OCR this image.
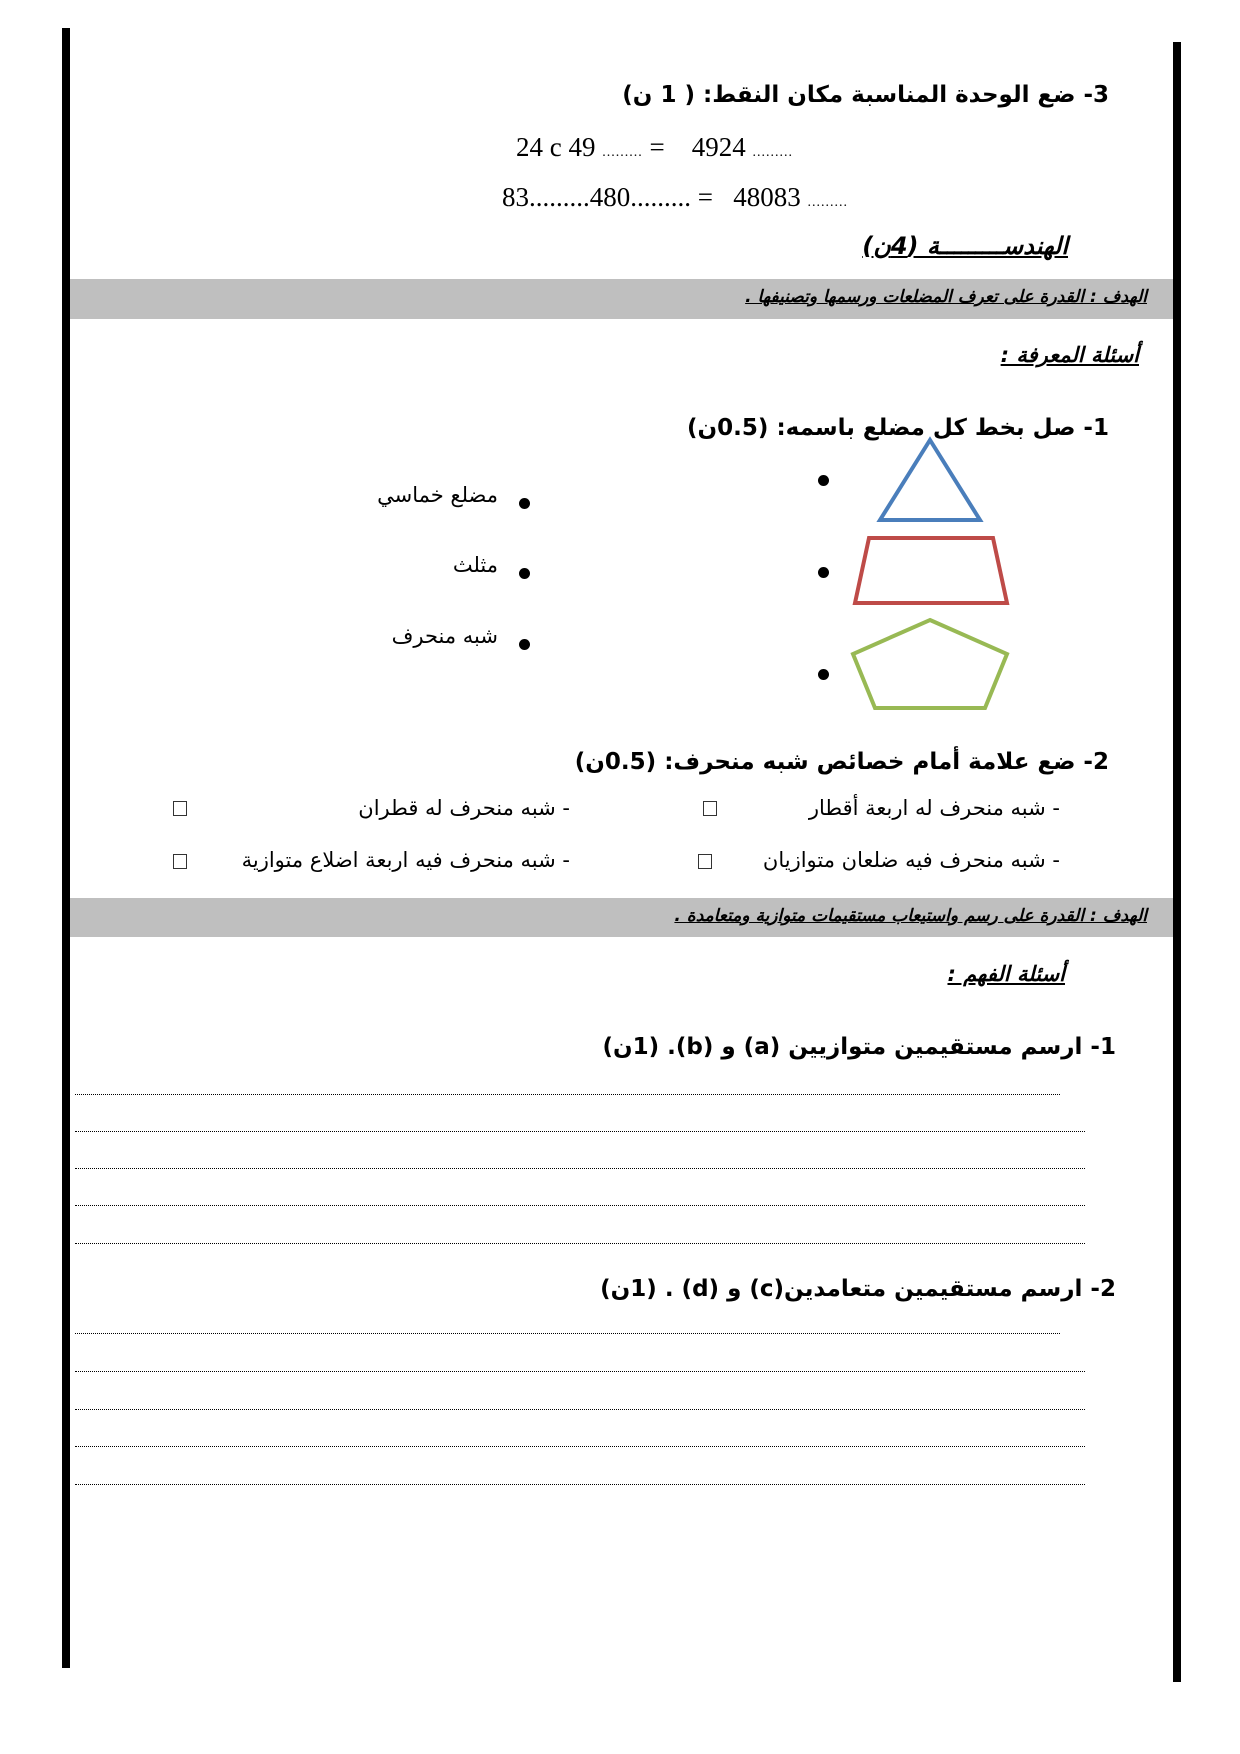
3- ضع الوحدة المناسبة مكان النقط: ( 1 ن)
24 c 49 ......... = 4924 .........
83.........480......... = 48083 .........
الهندســـــــــة (4ن)
الهدف : القدرة على تعرف المضلعات ورسمها وتصنيفها .
أسئلة المعرفة :
1- صل بخط كل مضلع باسمه: (0.5ن)
مضلع خماسي
مثلث
شبه منحرف
2- ضع علامة أمام خصائص شبه منحرف: (0.5ن)
- شبه منحرف له اربعة أقطار
- شبه منحرف له قطران
- شبه منحرف فيه ضلعان متوازيان
- شبه منحرف فيه اربعة اضلاع متوازية
الهدف : القدرة على رسم واستيعاب مستقيمات متوازية ومتعامدة .
أسئلة الفهم :
1- ارسم مستقيمين متوازيين (a) و (b). (1ن)
2- ارسم مستقيمين متعامدين(c) و (d) . (1ن)
